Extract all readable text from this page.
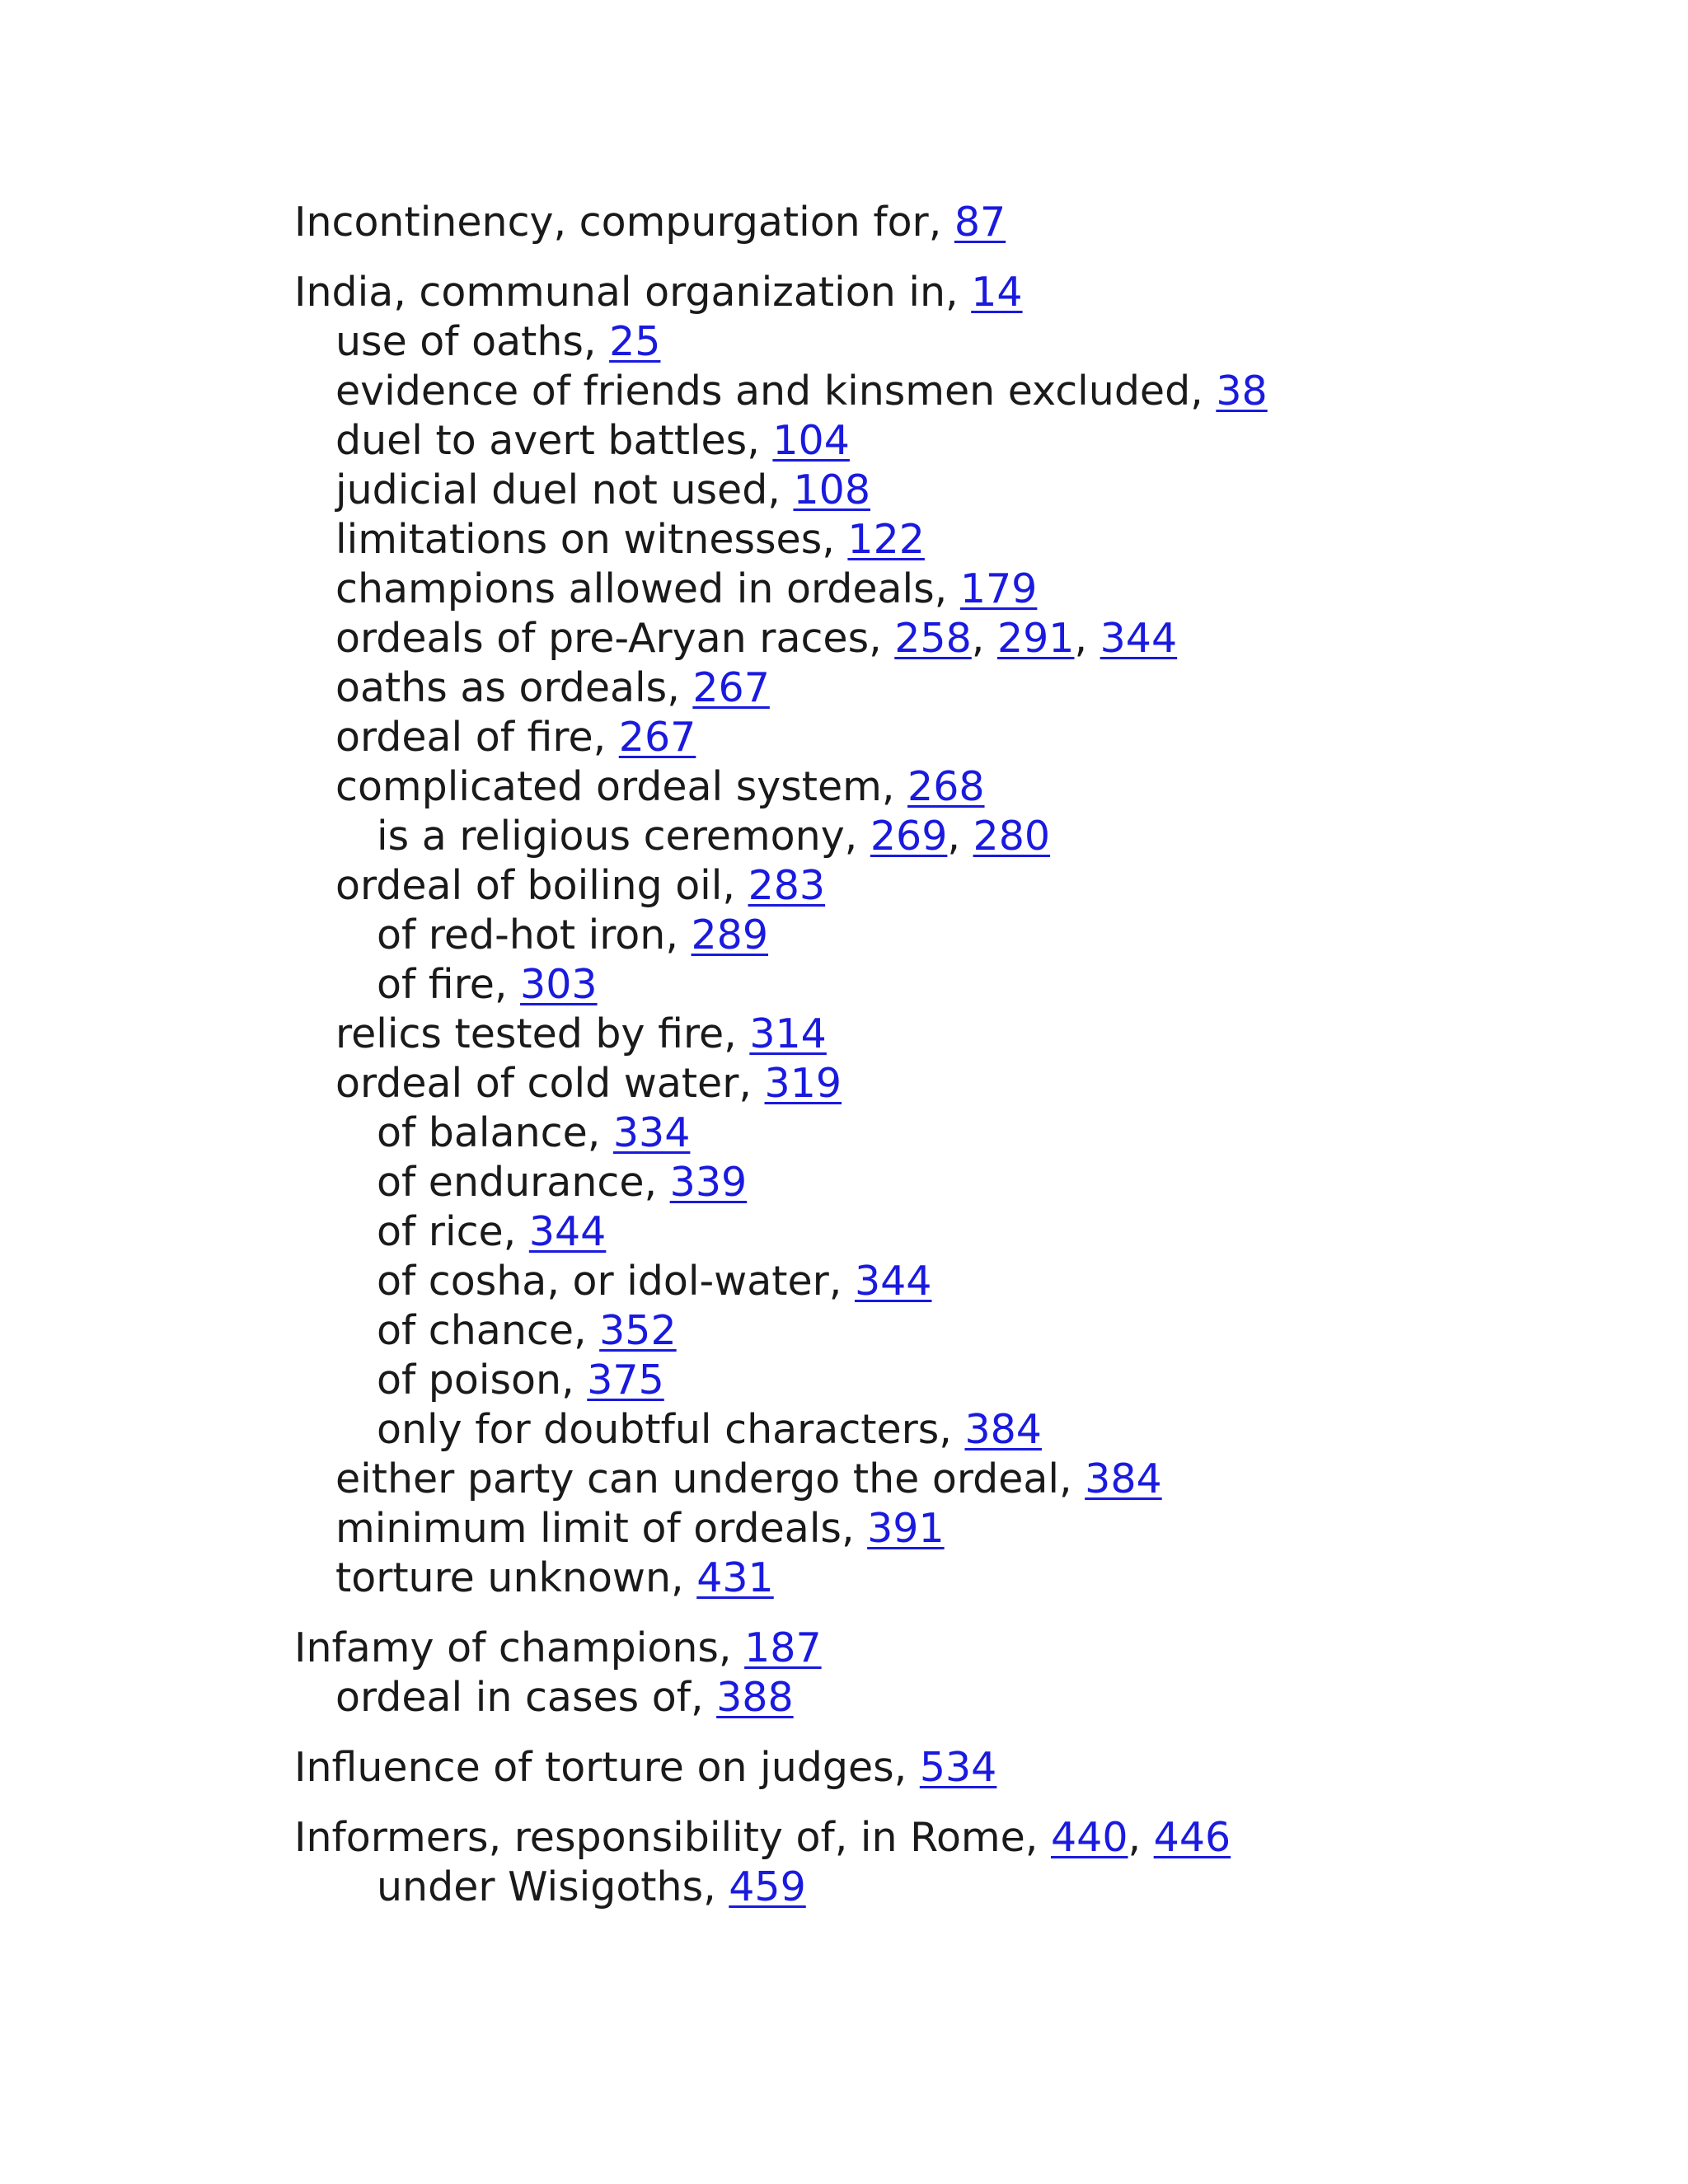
Incontinency, compurgation for, 87
India, communal organization in, 14
use of oaths, 25
evidence of friends and kinsmen excluded, 38
duel to avert battles, 104
judicial duel not used, 108
limitations on witnesses, 122
champions allowed in ordeals, 179
ordeals of pre-Aryan races, 258, 291, 344
oaths as ordeals, 267
ordeal of fire, 267
complicated ordeal system, 268
is a religious ceremony, 269, 280
ordeal of boiling oil, 283
of red-hot iron, 289
of fire, 303
relics tested by fire, 314
ordeal of cold water, 319
of balance, 334
of endurance, 339
of rice, 344
of cosha, or idol-water, 344
of chance, 352
of poison, 375
only for doubtful characters, 384
either party can undergo the ordeal, 384
minimum limit of ordeals, 391
torture unknown, 431
Infamy of champions, 187
ordeal in cases of, 388
Influence of torture on judges, 534
Informers, responsibility of, in Rome, 440, 446
under Wisigoths, 459
